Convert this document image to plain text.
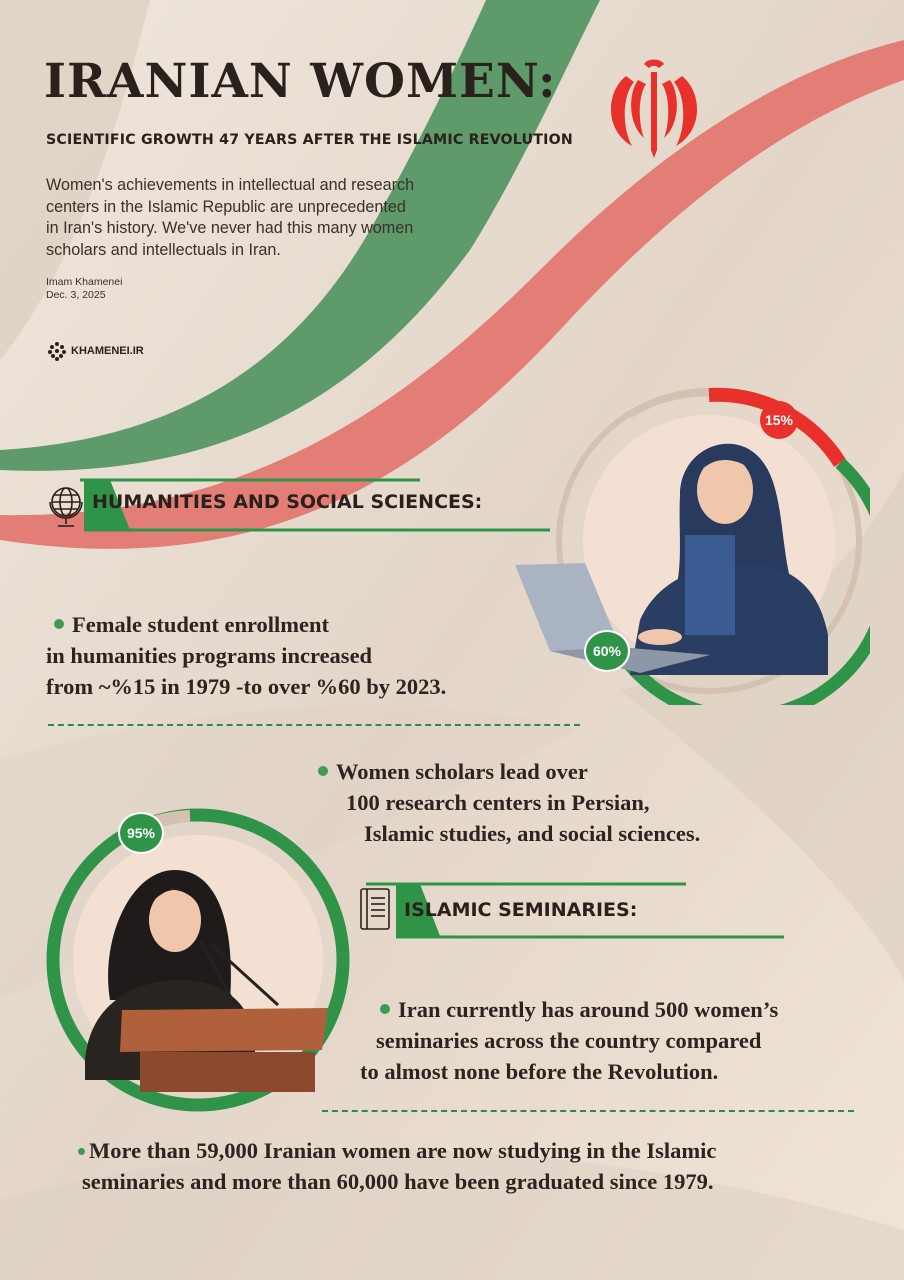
IRANIAN WOMEN:
SCIENTIFIC GROWTH 47 YEARS AFTER THE ISLAMIC REVOLUTION
Women's achievements in intellectual and research
centers in the Islamic Republic are unprecedented
in Iran's history. We've never had this many women
scholars and intellectuals in Iran.
Imam Khamenei
Dec. 3, 2025
KHAMENEI.IR
HUMANITIES AND SOCIAL SCIENCES:
15%
60%
Female student enrollment
in humanities programs increased
from ~%15 in 1979 -to over %60 by 2023.
Women scholars lead over
100 research centers in Persian,
Islamic studies, and social sciences.
95%
ISLAMIC SEMINARIES:
Iran currently has around 500 women’s
seminaries across the country compared
to almost none before the Revolution.
More than 59,000 Iranian women are now studying in the Islamic
seminaries and more than 60,000 have been graduated since 1979.
